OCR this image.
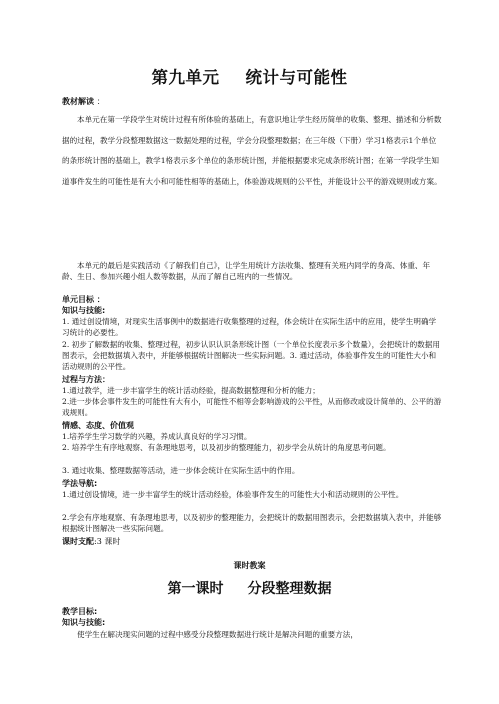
第九单元 统计与可能性
教材解读 ：

本单元在第一学段学生对统计过程有所体验的基础上，有意识地让学生经历简单的收集、整理、描述和分析数据的过程，教学分段整理数据这一数据处理的过程，学会分段整理数据；在三年级（下册）学习1格表示1个单位的条形统计图的基础上，教学1格表示多个单位的条形统计图，并能根据要求完成条形统计图；在第一学段学生知道事件发生的可能性是有大小和可能性相等的基础上，体验游戏规则的公平性，并能设计公平的游戏规则或方案。

本单元的最后是实践活动《了解我们自己》，让学生用统计方法收集、整理有关班内同学的身高、体重、年龄、生日、参加兴趣小组人数等数据，从而了解自己班内的一些情况。

单元目标 ：
知识与技能:

1. 通过创设情境，对现实生活事例中的数据进行收集整理的过程，体会统计在实际生活中的应用，使学生明确学习统计的必要性。

2. 初步了解数据的收集、整理过程，初步认识认识条形统计图（一个单位长度表示多个数量），会把统计的数据用图表示，会把数据填入表中，并能够根据统计图解决一些实际问题。3. 通过活动，体验事件发生的可能性大小和活动规则的公平性。

过程与方法：

1.通过教学，进一步丰富学生的统计活动经验，提高数据整理和分析的能力；

2.进一步体会事件发生的可能性有大有小，可能性不相等会影响游戏的公平性，从而修改或设计简单的、公平的游戏规则。

情感、态度、价值观

1.培养学生学习数学的兴趣，养成认真良好的学习习惯。

2. 培养学生有序地观察、有条理地思考，以及初步的整理能力，初步学会从统计的角度思考问题。

3. 通过收集、整理数据等活动，进一步体会统计在实际生活中的作用。

学法导航:

1.通过创设情境，进一步丰富学生的统计活动经验，体验事件发生的可能性大小和活动规则的公平性。

2.学会有序地观察、有条理地思考，以及初步的整理能力，会把统计的数据用图表示，会把数据填入表中，并能够根据统计图解决一些实际问题。

课时支配:3 课时
课时教案
第一课时 分段整理数据
教学目标:
知识与技能:

使学生在解决现实问题的过程中感受分段整理数据进行统计是解决问题的重要方法，
